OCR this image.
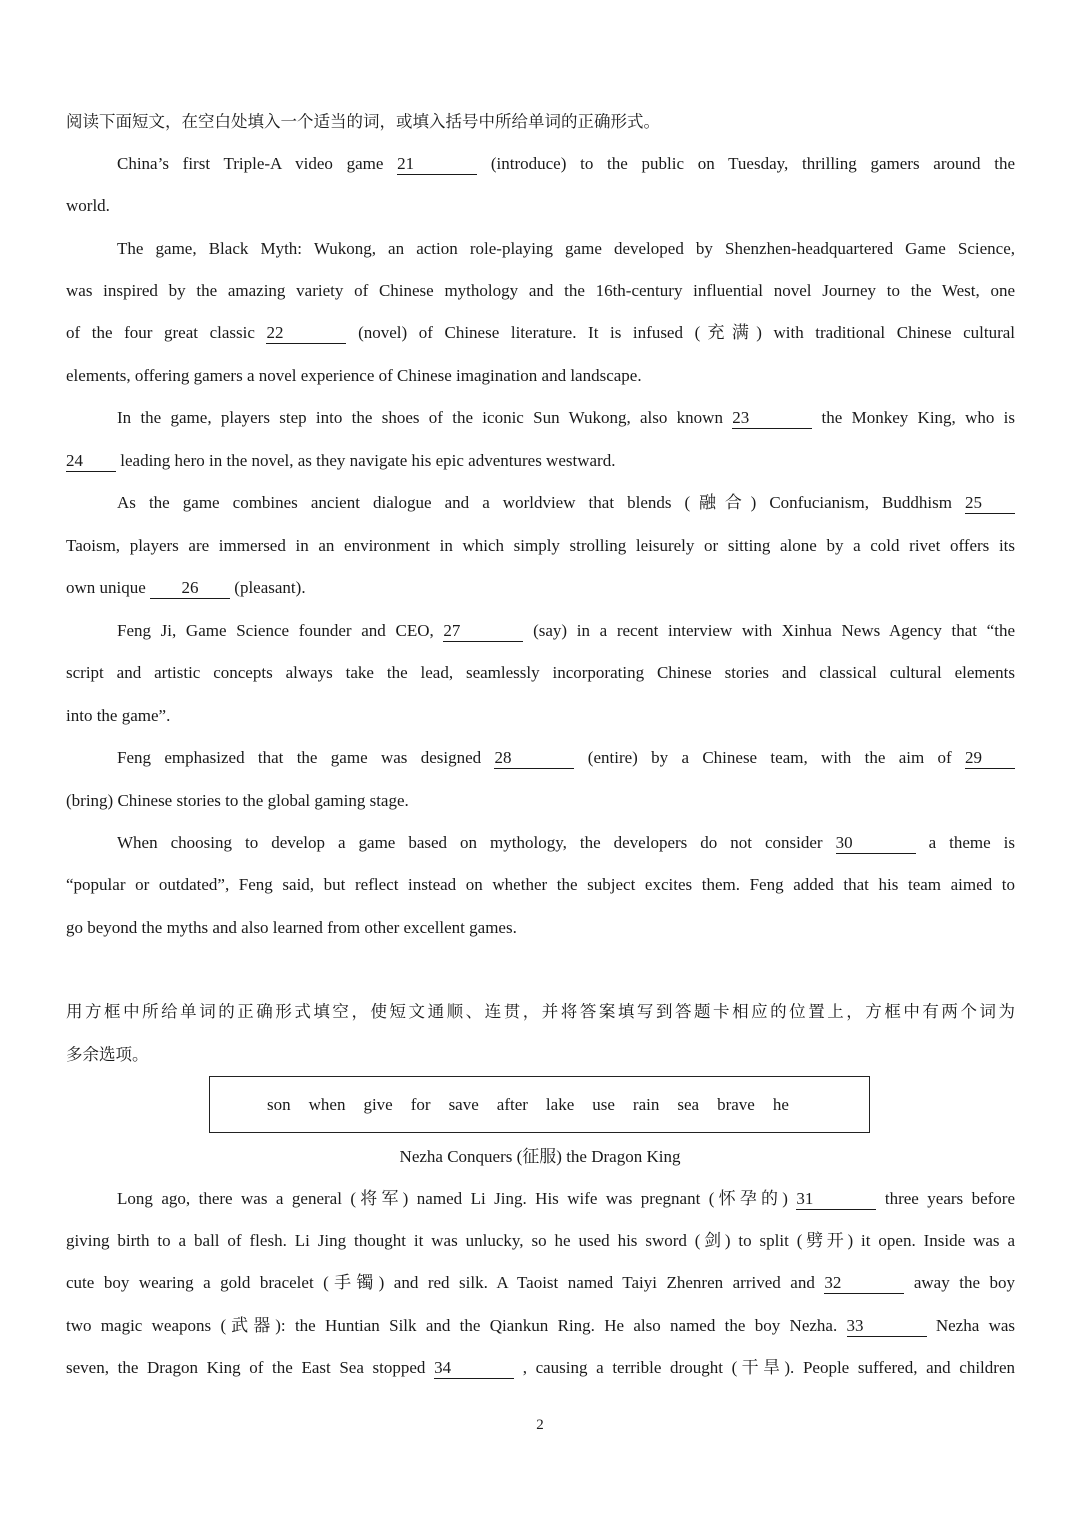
阅读下面短文，在空白处填入一个适当的词，或填入括号中所给单词的正确形式。
China’s first Triple-A video game 21	(introduce) to the public on Tuesday, thrilling gamers around the
world.
The game, Black Myth: Wukong, an action role-playing game developed by Shenzhen-headquartered Game Science,
was inspired by the amazing variety of Chinese mythology and the 16th-century influential novel Journey to the West, one
of the four great classic 22	(novel) of Chinese literature. It is infused (充满) with traditional Chinese cultural
elements, offering gamers a novel experience of Chinese imagination and landscape.
In the game, players step into the shoes of the iconic Sun Wukong, also known 23	the Monkey King, who is
24 leading hero in the novel, as they navigate his epic adventures westward.
As the game combines ancient dialogue and a worldview that blends (融合) Confucianism, Buddhism 25
Taoism, players are immersed in an environment in which simply strolling leisurely or sitting alone by a cold rivet offers its
own unique 26 (pleasant).
Feng Ji, Game Science founder and CEO, 27	(say) in a recent interview with Xinhua News Agency that “the
script and artistic concepts always take the lead, seamlessly incorporating Chinese stories and classical cultural elements
into the game”.
Feng emphasized that the game was designed 28	(entire) by a Chinese team, with the aim of 29
(bring) Chinese stories to the global gaming stage.
When choosing to develop a game based on mythology, the developers do not consider 30	a theme is
“popular or outdated”, Feng said, but reflect instead on whether the subject excites them. Feng added that his team aimed to
go beyond the myths and also learned from other excellent games.
用方框中所给单词的正确形式填空，使短文通顺、连贯，并将答案填写到答题卡相应的位置上，方框中有两个词为
多余选项。
son when give for save after lake use rain sea brave he
Nezha Conquers (征服) the Dragon King
Long ago, there was a general (将军) named Li Jing. His wife was pregnant (怀孕的) 31	three years before
giving birth to a ball of flesh. Li Jing thought it was unlucky, so he used his sword (剑) to split (劈开) it open. Inside was a
cute boy wearing a gold bracelet (手镯) and red silk. A Taoist named Taiyi Zhenren arrived and 32	away the boy
two magic weapons (武器): the Huntian Silk and the Qiankun Ring. He also named the boy Nezha. 33	Nezha was
seven, the Dragon King of the East Sea stopped 34	, causing a terrible drought (干旱). People suffered, and children
2
